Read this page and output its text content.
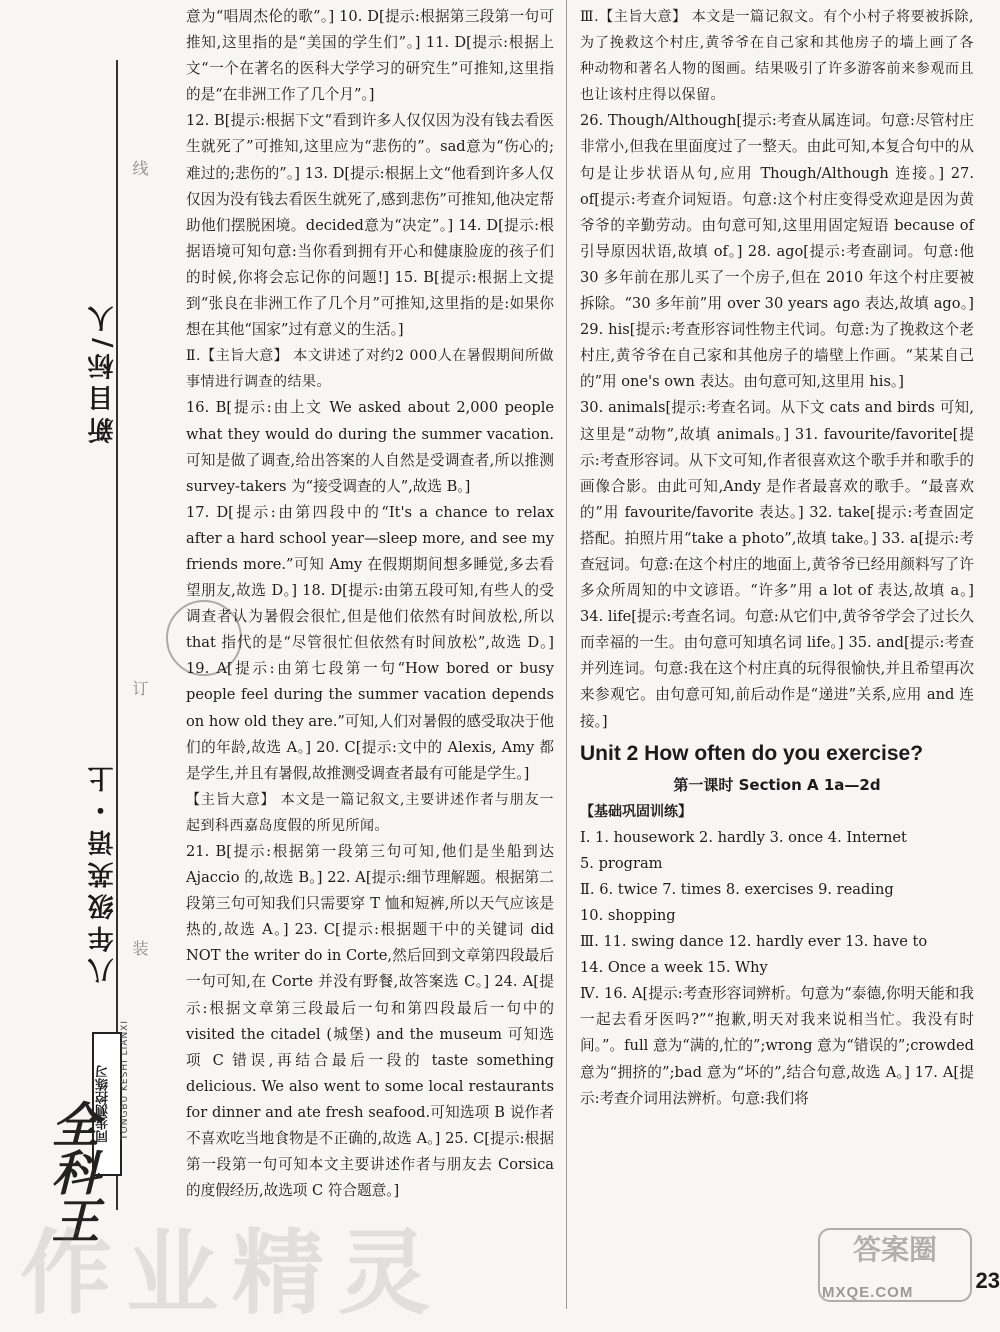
新目标/人
线
订
装
八年级英语・上
同步测控练习	TONGBU KESHI LIANXI
全科王
作业精灵

意为“唱周杰伦的歌”。] 10. D[提示:根据第三段第一句可推知,这里指的是“美国的学生们”。] 11. D[提示:根据上文“一个在著名的医科大学学习的研究生”可推知,这里指的是“在非洲工作了几个月”。]

12. B[提示:根据下文“看到许多人仅仅因为没有钱去看医生就死了”可推知,这里应为“悲伤的”。sad意为“伤心的;难过的;悲伤的”。] 13. D[提示:根据上文“他看到许多人仅仅因为没有钱去看医生就死了,感到悲伤”可推知,他决定帮助他们摆脱困境。decided意为“决定”。] 14. D[提示:根据语境可知句意:当你看到拥有开心和健康脸庞的孩子们的时候,你将会忘记你的问题!] 15. B[提示:根据上文提到“张良在非洲工作了几个月”可推知,这里指的是:如果你想在其他“国家”过有意义的生活。]

Ⅱ.【主旨大意】 本文讲述了对约2 000人在暑假期间所做事情进行调查的结果。

16. B[提示:由上文 We asked about 2,000 people what they would do during the summer vacation.可知是做了调查,给出答案的人自然是受调查者,所以推测 survey-takers 为“接受调查的人”,故选 B。]

17. D[提示:由第四段中的“It's a chance to relax after a hard school year—sleep more, and see my friends more.”可知 Amy 在假期期间想多睡觉,多去看望朋友,故选 D。] 18. D[提示:由第五段可知,有些人的受调查者认为暑假会很忙,但是他们依然有时间放松,所以 that 指代的是“尽管很忙但依然有时间放松”,故选 D。] 19. A[提示:由第七段第一句“How bored or busy people feel during the summer vacation depends on how old they are.”可知,人们对暑假的感受取决于他们的年龄,故选 A。] 20. C[提示:文中的 Alexis, Amy 都是学生,并且有暑假,故推测受调查者最有可能是学生。]

【主旨大意】 本文是一篇记叙文,主要讲述作者与朋友一起到科西嘉岛度假的所见所闻。

21. B[提示:根据第一段第三句可知,他们是坐船到达 Ajaccio 的,故选 B。] 22. A[提示:细节理解题。根据第二段第三句可知我们只需要穿 T 恤和短裤,所以天气应该是热的,故选 A。] 23. C[提示:根据题干中的关键词 did NOT the writer do in Corte,然后回到文章第四段最后一句可知,在 Corte 并没有野餐,故答案选 C。] 24. A[提示:根据文章第三段最后一句和第四段最后一句中的 visited the citadel (城堡) and the museum 可知选项 C 错误,再结合最后一段的 taste something delicious. We also went to some local restaurants for dinner and ate fresh seafood.可知选项 B 说作者不喜欢吃当地食物是不正确的,故选 A。] 25. C[提示:根据第一段第一句可知本文主要讲述作者与朋友去 Corsica 的度假经历,故选项 C 符合题意。]

Ⅲ.【主旨大意】 本文是一篇记叙文。有个小村子将要被拆除,为了挽救这个村庄,黄爷爷在自己家和其他房子的墙上画了各种动物和著名人物的图画。结果吸引了许多游客前来参观而且也让该村庄得以保留。

26. Though/Although[提示:考查从属连词。句意:尽管村庄非常小,但我在里面度过了一整天。由此可知,本复合句中的从句是让步状语从句,应用 Though/Although 连接。] 27. of[提示:考查介词短语。句意:这个村庄变得受欢迎是因为黄爷爷的辛勤劳动。由句意可知,这里用固定短语 because of 引导原因状语,故填 of。] 28. ago[提示:考查副词。句意:他 30 多年前在那儿买了一个房子,但在 2010 年这个村庄要被拆除。“30 多年前”用 over 30 years ago 表达,故填 ago。] 29. his[提示:考查形容词性物主代词。句意:为了挽救这个老村庄,黄爷爷在自己家和其他房子的墙壁上作画。“某某自己的”用 one's own 表达。由句意可知,这里用 his。]

30. animals[提示:考查名词。从下文 cats and birds 可知,这里是“动物”,故填 animals。] 31. favourite/favorite[提示:考查形容词。从下文可知,作者很喜欢这个歌手并和歌手的画像合影。由此可知,Andy 是作者最喜欢的歌手。“最喜欢的”用 favourite/favorite 表达。] 32. take[提示:考查固定搭配。拍照片用“take a photo”,故填 take。] 33. a[提示:考查冠词。句意:在这个村庄的地面上,黄爷爷已经用颜料写了许多众所周知的中文谚语。“许多”用 a lot of 表达,故填 a。] 34. life[提示:考查名词。句意:从它们中,黄爷爷学会了过长久而幸福的一生。由句意可知填名词 life。] 35. and[提示:考查并列连词。句意:我在这个村庄真的玩得很愉快,并且希望再次来参观它。由句意可知,前后动作是“递进”关系,应用 and 连接。]

Unit 2 How often do you exercise?

第一课时 Section A 1a—2d

【基础巩固训练】

Ⅰ. 1. housework 2. hardly 3. once 4. Internet

5. program

Ⅱ. 6. twice 7. times 8. exercises 9. reading

10. shopping

Ⅲ. 11. swing dance 12. hardly ever 13. have to

14. Once a week 15. Why

Ⅳ. 16. A[提示:考查形容词辨析。句意为“泰德,你明天能和我一起去看牙医吗?”“抱歉,明天对我来说相当忙。我没有时间。”。full 意为“满的,忙的”;wrong 意为“错误的”;crowded 意为“拥挤的”;bad 意为“坏的”,结合句意,故选 A。] 17. A[提示:考查介词用法辨析。句意:我们将

答案圈
MXQE.COM	23
